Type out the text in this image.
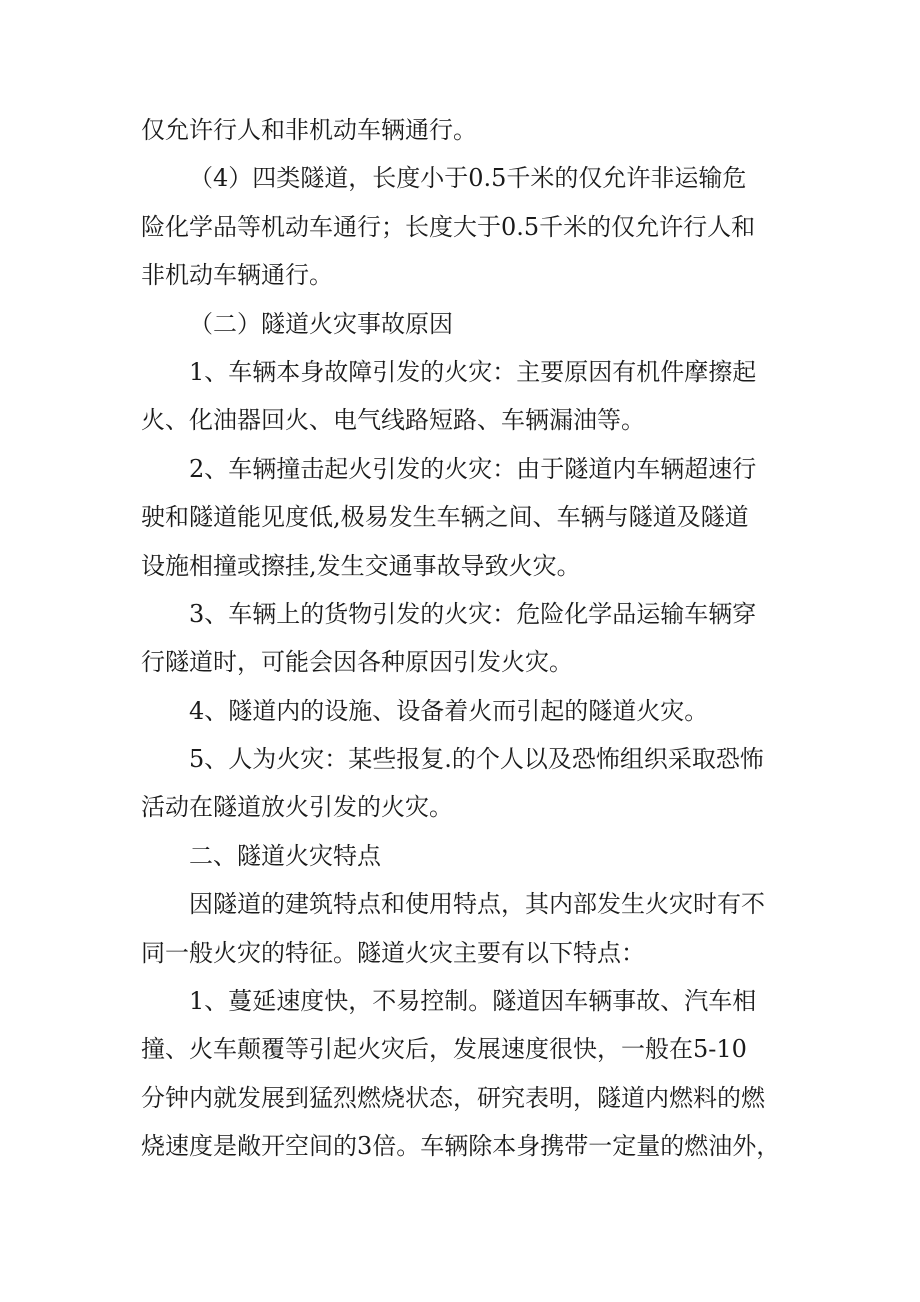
仅允许行人和非机动车辆通行。
（4）四类隧道，长度小于0.5千米的仅允许非运输危
险化学品等机动车通行；长度大于0.5千米的仅允许行人和
非机动车辆通行。
（二）隧道火灾事故原因
1、车辆本身故障引发的火灾：主要原因有机件摩擦起
火、化油器回火、电气线路短路、车辆漏油等。
2、车辆撞击起火引发的火灾：由于隧道内车辆超速行
驶和隧道能见度低,极易发生车辆之间、车辆与隧道及隧道
设施相撞或擦挂,发生交通事故导致火灾。
3、车辆上的货物引发的火灾：危险化学品运输车辆穿
行隧道时，可能会因各种原因引发火灾。
4、隧道内的设施、设备着火而引起的隧道火灾。
5、人为火灾：某些报复.的个人以及恐怖组织采取恐怖
活动在隧道放火引发的火灾。
二、隧道火灾特点
因隧道的建筑特点和使用特点，其内部发生火灾时有不
同一般火灾的特征。隧道火灾主要有以下特点：
1、蔓延速度快，不易控制。隧道因车辆事故、汽车相
撞、火车颠覆等引起火灾后，发展速度很快，一般在5-10
分钟内就发展到猛烈燃烧状态，研究表明，隧道内燃料的燃
烧速度是敞开空间的3倍。车辆除本身携带一定量的燃油外，
